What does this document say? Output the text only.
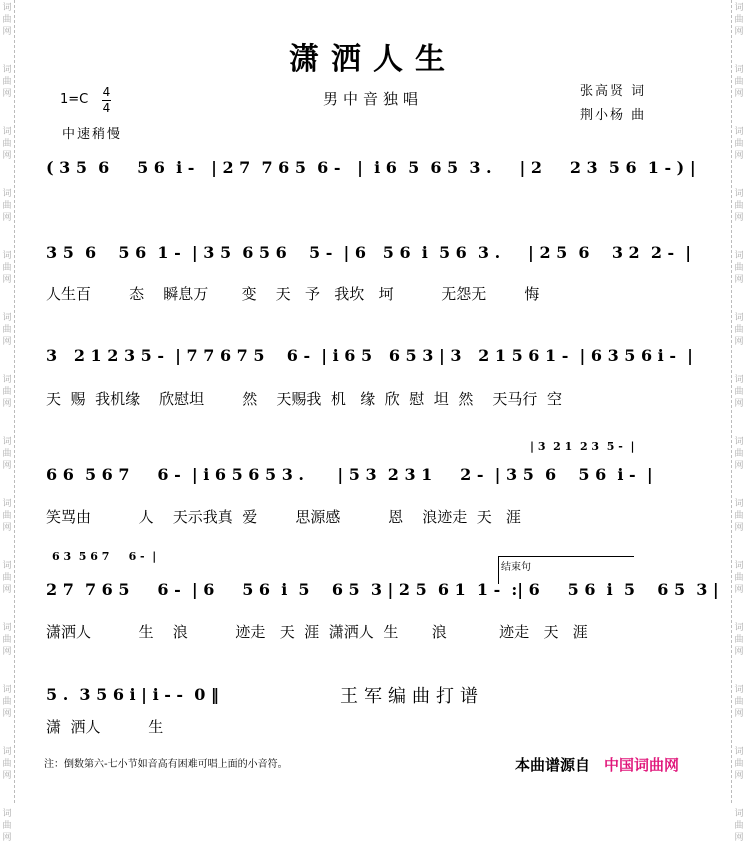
词
曲
网
词
曲
网
词
曲
网
词
曲
网
词
曲
网
词
曲
网
词
曲
网
词
曲
网
词
曲
网
词
曲
网
词
曲
网
词
曲
网
词
曲
网
词
曲
网
词
曲
网
词
曲
网
词
曲
网
词
曲
网
词
曲
网
词
曲
网
词
曲
网
词
曲
网
词
曲
网
词
曲
网
词
曲
网
词
曲
网
词
曲
网
词
曲
网
潇洒人生
男中音独唱
1=C 4
4
中速稍慢
张高贤 词
荆小杨 曲
( 3 5  6     5 6  i -   | 2 7  7 6 5  6 -   |  i 6  5  6 5  3 .     | 2     2 3  5 6  1 - ) |
3 5  6    5 6  1 -  | 3 5  6 5 6    5 -  | 6   5 6  i  5 6  3 .     | 2 5  6    3 2  2 -  |
人生百        态    瞬息万       变    天   予   我坎   坷          无怨无        悔
3   2 1 2 3 5 -  | 7 7 6 7 5    6 -  | i 6 5   6 5 3 | 3   2 1 5 6 1 -  | 6 3 5 6 i -  |
天  赐  我机缘    欣慰坦        然    天赐我  机   缘  欣  慰  坦  然    天马行  空
| 3  2 1  2 3  5 -  |
6 6  5 6 7     6 -  | i 6 5 6 5 3 .      | 5 3  2 3 1     2 -  | 3 5  6    5 6  i -  |
笑骂由          人    天示我真  爱        思源感          恩    浪迹走  天   涯
6 3  5 6 7     6 -  |
结束句
2 7  7 6 5     6 -  | 6     5 6  i  5    6 5  3 | 2 5  6 1  1 -  :| 6     5 6  i  5    6 5  3 |
潇洒人          生    浪          迹走   天  涯  潇洒人  生       浪           迹走   天   涯
5 .  3 5 6 i | i - -  0 ‖
潇  洒人          生
王军编曲打谱
注：倒数第六-七小节如音高有困难可唱上面的小音符。	本曲谱源自 中国词曲网
